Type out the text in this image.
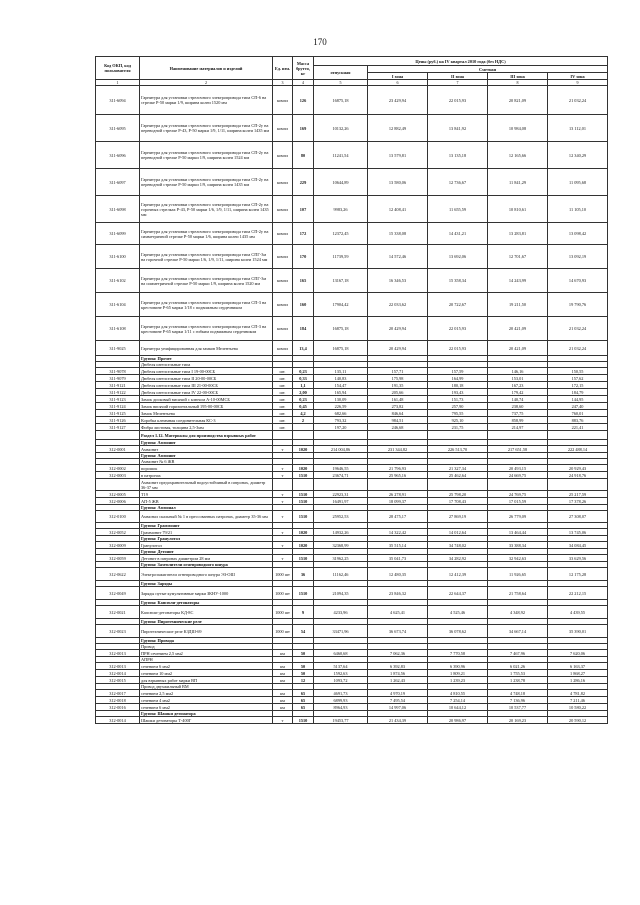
170
Код ОКП, код пользователя	Наименование материалов и изделий	Ед. изм.	Масса брутто, кг	Цены (руб.) на IV квартал 2010 года (без НДС)				
				отпускная	Сметная			
					I зона	II зона	III зона	IV зона
1	2	3	4	5	6	7	8	9
311-6094	Гарнитура для установки стрелочного электропривода типа СП-6 на стрелке Р-50 марки 1/9, ширина колеи 1520 мм	компл	126	16875,18	23 429,94	22 015,93	20 821,09	21 032,24
311-6095	Гарнитура для установки стрелочного электропривода типа СП-2у на переводной стрелке Р-43, Р-50 марки 1/9, 1/11, ширина колеи 1435 мм	компл	169	10132,26	12 882,49	13 841,92	10 984,08	13 112,01
311-6096	Гарнитура для установки стрелочного электропривода типа СП-2у на переводной стрелке Р-50 марки 1/9, ширина колеи 1524 мм	компл	80	11241,54	13 579,81	13 135,18	12 165,66	12 340,29
311-6097	Гарнитура для установки стрелочного электропривода типа СП-2у на переводной стрелке Р-50 марки 1/9, ширина колеи 1435 мм	компл	229	10644,89	13 580,06	12 736,67	11 841,29	11 095,68
311-6098	Гарнитура для установки стрелочного электропривода типа СП-2у на горочных стрелках Р-43, Р-50 марки 1/6, 1/9, 1/11, ширина колеи 1435 мм	компл	107	9983,26	12 408,41	11 655,59	10 810,61	11 105,10
311-6099	Гарнитура для установки стрелочного электропривода типа СП-2у на симметричной стрелке Р-50 марки 1/6, ширина колеи 1435 мм	компл	172	12372,45	15 338,08	14 431,21	13 283,81	13 098,42
311-6100	Гарнитура для установки стрелочного электропривода типа СПГ-3м на горочной стрелке Р-50 марки 1/6, 1/9, 1/11, ширина колеи 1524 мм	компл	170	11739,59	14 572,46	13 692,06	12 701,67	13 092,19
311-6102	Гарнитура для установки стрелочного электропривода типа СПГ-3м на симметричной стрелке Р-50 марки 1/9, ширина колеи 1520 мм	компл	165	13167,18	16 346,53	15 358,34	14 243,99	14 670,93
311-6104	Гарнитура для установки стрелочного электропривода типа СП-3 на крестовине Р-65 марки 1/18 с подвижным сердечником	компл	160	17904,42	22 033,62	20 722,67	19 211,50	19 790,76
311-6108	Гарнитура для установки стрелочного электропривода типа СП-3 на крестовине Р-65 марки 1/11 с гибким подвижным сердечником	компл	184	16875,18	20 429,94	22 015,93	20 421,09	21 032,24
311-9025	Гарнитура унифицированная для замков Мелентьева	компл	13,4	16875,18	20 429,94	22 015,93	20 421,09	21 032,24
	Группа: Прочее							
	Дюбеля штепсельные типа							
311-9078	Дюбеля штепсельные типа I 19-00-00СБ	шт.	0,23	135,11	157,71	157,59	146,16	150,55
311-9079	Дюбеля штепсельные типа II 20-00-00СБ	шт.	0,33	140,83	175,98	164,99	153,01	157,62
311-9121	Дюбеля штепсельные типа III 21-00-00СБ	шт.	1,1	154,47	191,35	180,18	167,23	172,15
311-9122	Дюбеля штепсельные типа IV 22-00-00СБ	шт.	2,00	165,94	205,66	193,43	179,42	184,79
311-9123	Замок дисковый висячий с ключом А-10-00МСБ	шт.	0,23	130,09	161,48	151,73	140,74	144,95
311-9124	Замок висячий горизонтальный 195-00-00СБ	шт.	0,45	226,59	273,82	257,90	238,60	247,40
311-9125	Замок Мелентьева	шт.	4,2	682,66	846,64	795,55	737,75	760,01
311-9126	Коробка клеммная соединительная КС-3	шт.	2	793,32	984,51	925,10	858,99	883,76
311-9127	Фибра листовая, толщина 2,5-3мм	шт.		197,20	246,68	231,75	214,97	221,41
	Раздел 1.12. Материалы для производства взрывных работ							
	Группа: Аммонит							
312-0001	Аммонит	т	1020	214 004,86	231 344,82	226 513,70	217 651,58	222 488,14
	Группа: Аммонит							
	Аммонит № 6 ЖВ							
312-0002	порошок	т	1020	19646,55	21 796,93	21 327,34	20 493,15	20 929,43
312-0003	в патронах	т	1510	23674,71	25 965,16	25 462,64	24 669,75	24 918,76
	Аммонит предохранительный водоустойчивый в патронах, диаметр 36-37 мм							
312-0005	Т19	т	1510	22923,31	26 278,91	25 798,20	24 769,75	25 217,59
312-0006	АП-5 ЖВ	т	1510	16491,97	18 099,37	17 708,43	17 015,59	17 378,26
	Группа: Аммонал							
312-0100	Аммонал скальный № 1 в прессованных патронах, диаметр 35-36 мм	т	1510	25952,53	28 475,17	27 869,19	26 779,09	27 308,07
	Группа: Граммонит							
312-0052	Граммонит 79/21	т	1020	14932,26	14 322,42	14 012,64	13 464,44	13 745,06
	Группа: Гранулотол							
312-0009	Гранулотол	т	1020	32368,99	35 515,14	34 748,02	33 388,34	34 084,45
	Группа: Детонит							
312-0059	Детонит в патронах диаметром 28 мм	т	1510	31962,25	35 041,73	34 282,92	32 942,63	33 629,56
	Группа: Заземлители огнепроводного шнура							
312-0622	Электрозажигатели огнепроводного шнура ЭЗ-ОШ	1000 шт	36	11162,46	12 480,35	12 412,39	11 926,65	12 175,28
	Группа: Заряды							
312-0049	Заряды путые кумулятивные марки ЗКНУ-1000	1000 шт	1510	21094,35	23 846,32	22 644,37	21 758,64	22 212,15
	Группа: Капсюли-детонаторы							
312-0021	Капсюли-детонаторы КД-8С	1000 шт	9	4233,96	4 625,41	4 525,46	4 348,92	4 439,55
	Группа: Пиротехнические реле							
312-0023	Пиротехнические реле КЗДШ-69	1000 шт	54	33471,96	36 673,74	36 078,62	34 667,14	35 390,01
	Группа: Провода							
	Провод							
312-0013	ПРН сечением 2,5 мм2	км	50	6460,68	7 062,36	7 770,58	7 467,96	7 620,06
	АПРН							
312-0013	сечением 6 мм2	км	50	5137,64	6 392,83	6 390,96	6 021,26	6 163,37
312-0014	сечением 10 мм2	км	50	1592,63	1 874,56	1 809,21	1 755,53	1 868,27
312-0015	для взрывных работ марки ВП	км	12	1093,72	1 262,43	1 239,23	1 238,78	1 286,16
	Провод двухжильный ВМ							
312-0017	сечением 2,5 мм2	км	65	4691,73	4 970,19	4 810,55	4 748,18	4 781,82
312-0018	сечением 4 мм2	км	65	6899,93	7 495,54	7 254,14	7 136,96	7 211,46
312-0016	сечением 6 мм2	км	65	8964,93	14 997,06	10 644,12	10 537,77	10 580,22
	Группа: Шашки детонатора							
312-0014	Шашки детонаторы Т-400Г	т	1510	19453,77	21 434,39	20 986,97	20 169,23	20 590,12
